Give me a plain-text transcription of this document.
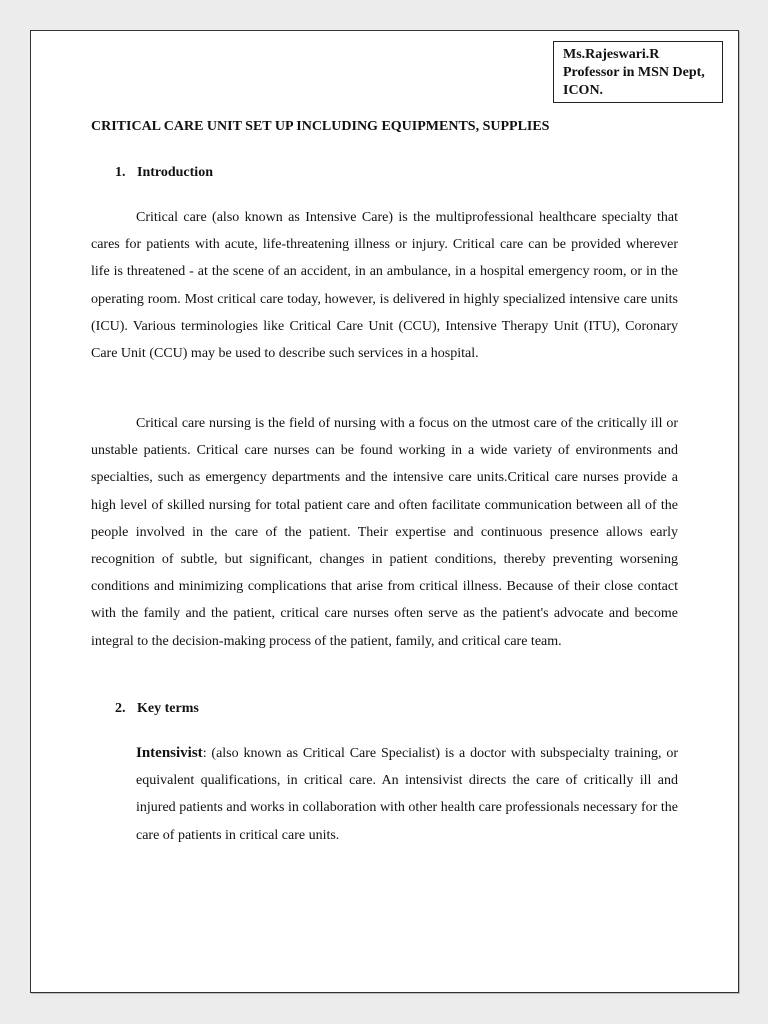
Ms.Rajeswari.R
Professor in MSN Dept,
ICON.
CRITICAL CARE UNIT SET UP INCLUDING EQUIPMENTS, SUPPLIES
1. Introduction

Critical care (also known as Intensive Care) is the multiprofessional healthcare specialty that cares for patients with acute, life-threatening illness or injury. Critical care can be provided wherever life is threatened - at the scene of an accident, in an ambulance, in a hospital emergency room, or in the operating room. Most critical care today, however, is delivered in highly specialized intensive care units (ICU). Various terminologies like Critical Care Unit (CCU), Intensive Therapy Unit (ITU), Coronary Care Unit (CCU) may be used to describe such services in a hospital.

Critical care nursing is the field of nursing with a focus on the utmost care of the critically ill or unstable patients. Critical care nurses can be found working in a wide variety of environments and specialties, such as emergency departments and the intensive care units.Critical care nurses provide a high level of skilled nursing for total patient care and often facilitate communication between all of the people involved in the care of the patient. Their expertise and continuous presence allows early recognition of subtle, but significant, changes in patient conditions, thereby preventing worsening conditions and minimizing complications that arise from critical illness. Because of their close contact with the family and the patient, critical care nurses often serve as the patient's advocate and become integral to the decision-making process of the patient, family, and critical care team.

2. Key terms

Intensivist: (also known as Critical Care Specialist) is a doctor with subspecialty training, or equivalent qualifications, in critical care. An intensivist directs the care of critically ill and injured patients and works in collaboration with other health care professionals necessary for the care of patients in critical care units.
